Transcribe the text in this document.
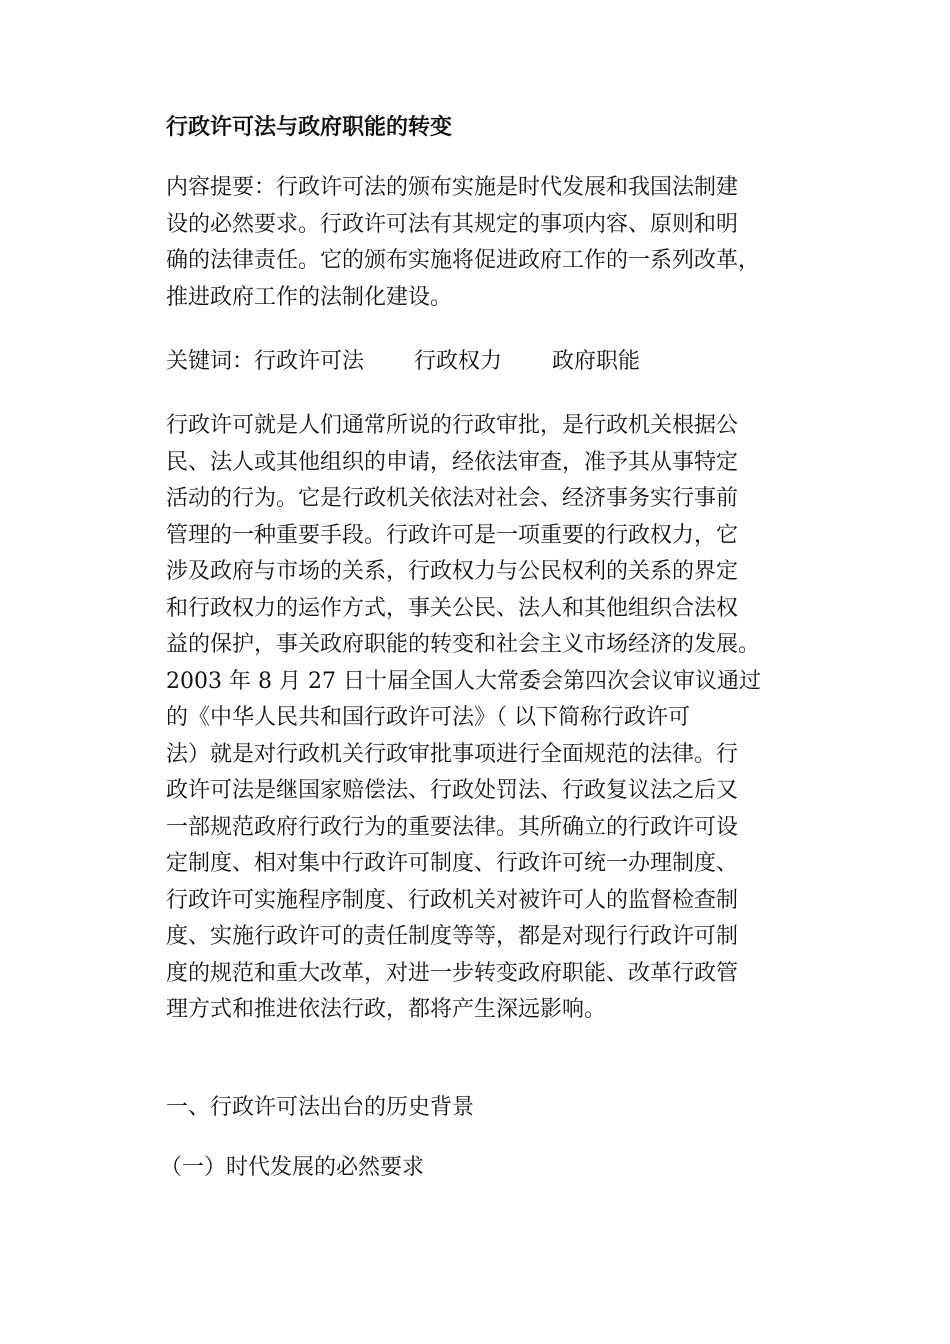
行政许可法与政府职能的转变

内容提要：行政许可法的颁布实施是时代发展和我国法制建
设的必然要求。行政许可法有其规定的事项内容、原则和明
确的法律责任。它的颁布实施将促进政府工作的一系列改革，
推进政府工作的法制化建设。

关键词：行政许可法 行政权力 政府职能

行政许可就是人们通常所说的行政审批，是行政机关根据公
民、法人或其他组织的申请，经依法审查，准予其从事特定
活动的行为。它是行政机关依法对社会、经济事务实行事前
管理的一种重要手段。行政许可是一项重要的行政权力，它
涉及政府与市场的关系，行政权力与公民权利的关系的界定
和行政权力的运作方式，事关公民、法人和其他组织合法权
益的保护，事关政府职能的转变和社会主义市场经济的发展。
2003 年 8 月 27 日十届全国人大常委会第四次会议审议通过
的《中华人民共和国行政许可法》（ 以下简称行政许可
法）就是对行政机关行政审批事项进行全面规范的法律。行
政许可法是继国家赔偿法、行政处罚法、行政复议法之后又
一部规范政府行政行为的重要法律。其所确立的行政许可设
定制度、相对集中行政许可制度、行政许可统一办理制度、
行政许可实施程序制度、行政机关对被许可人的监督检查制
度、实施行政许可的责任制度等等，都是对现行行政许可制
度的规范和重大改革，对进一步转变政府职能、改革行政管
理方式和推进依法行政，都将产生深远影响。

一、行政许可法出台的历史背景
（一）时代发展的必然要求
